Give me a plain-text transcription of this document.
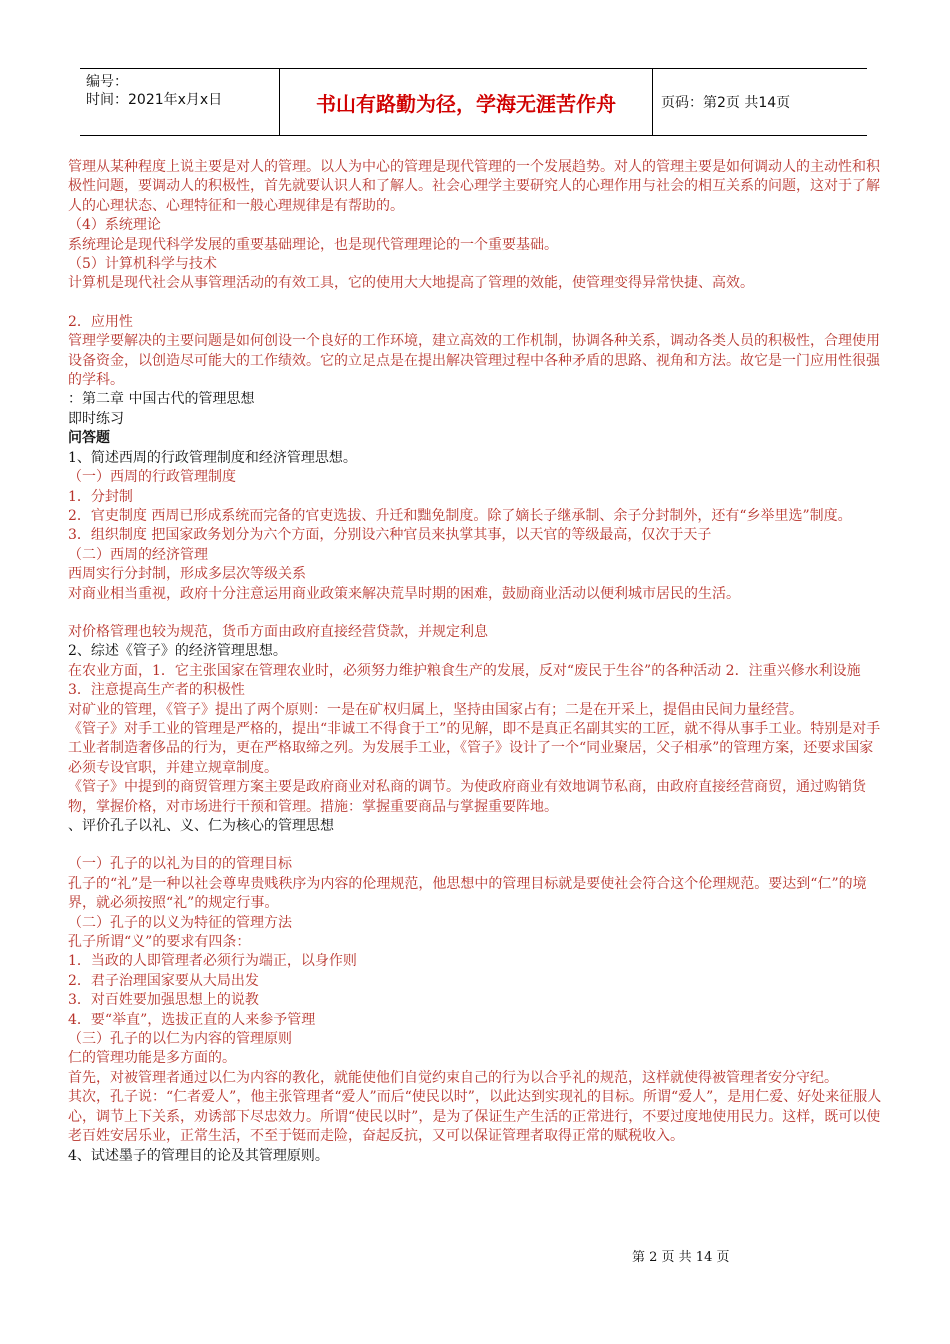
编号：
时间：2021年x月x日	书山有路勤为径，学海无涯苦作舟	页码：第2页 共14页

管理从某种程度上说主要是对人的管理。以人为中心的管理是现代管理的一个发展趋势。对人的管理主要是如何调动人的主动性和积极性问题，要调动人的积极性，首先就要认识人和了解人。社会心理学主要研究人的心理作用与社会的相互关系的问题，这对于了解人的心理状态、心理特征和一般心理规律是有帮助的。

（4）系统理论

系统理论是现代科学发展的重要基础理论，也是现代管理理论的一个重要基础。

（5）计算机科学与技术

计算机是现代社会从事管理活动的有效工具，它的使用大大地提高了管理的效能，使管理变得异常快捷、高效。

2．应用性

管理学要解决的主要问题是如何创设一个良好的工作环境，建立高效的工作机制，协调各种关系，调动各类人员的积极性，合理使用设备资金，以创造尽可能大的工作绩效。它的立足点是在提出解决管理过程中各种矛盾的思路、视角和方法。故它是一门应用性很强的学科。

：第二章 中国古代的管理思想

即时练习

问答题

1、简述西周的行政管理制度和经济管理思想。

（一）西周的行政管理制度

1．分封制

2．官吏制度 西周已形成系统而完备的官吏选拔、升迁和黜免制度。除了嫡长子继承制、余子分封制外，还有“乡举里选”制度。

3．组织制度 把国家政务划分为六个方面，分别设六种官员来执掌其事，以天官的等级最高，仅次于天子

（二）西周的经济管理

西周实行分封制，形成多层次等级关系

对商业相当重视，政府十分注意运用商业政策来解决荒旱时期的困难，鼓励商业活动以便利城市居民的生活。

对价格管理也较为规范，货币方面由政府直接经营贷款，并规定利息

2、综述《管子》的经济管理思想。

在农业方面，1．它主张国家在管理农业时，必须努力维护粮食生产的发展，反对“废民于生谷”的各种活动 2．注重兴修水利设施 3．注意提高生产者的积极性

对矿业的管理，《管子》提出了两个原则：一是在矿权归属上，坚持由国家占有；二是在开采上，提倡由民间力量经营。

《管子》对手工业的管理是严格的，提出“非诚工不得食于工”的见解，即不是真正名副其实的工匠，就不得从事手工业。特别是对手工业者制造奢侈品的行为，更在严格取缔之列。为发展手工业，《管子》设计了一个“同业聚居，父子相承”的管理方案，还要求国家必须专设官职，并建立规章制度。

《管子》中提到的商贸管理方案主要是政府商业对私商的调节。为使政府商业有效地调节私商，由政府直接经营商贸，通过购销货物，掌握价格，对市场进行干预和管理。措施：掌握重要商品与掌握重要阵地。

、评价孔子以礼、义、仁为核心的管理思想

（一）孔子的以礼为目的的管理目标

孔子的“礼”是一种以社会尊卑贵贱秩序为内容的伦理规范，他思想中的管理目标就是要使社会符合这个伦理规范。要达到“仁”的境界，就必须按照“礼”的规定行事。

（二）孔子的以义为特征的管理方法

孔子所谓“义”的要求有四条：

1．当政的人即管理者必须行为端正，以身作则

2．君子治理国家要从大局出发

3．对百姓要加强思想上的说教

4．要“举直”，选拔正直的人来参予管理

（三）孔子的以仁为内容的管理原则

仁的管理功能是多方面的。

首先，对被管理者通过以仁为内容的教化，就能使他们自觉约束自己的行为以合乎礼的规范，这样就使得被管理者安分守纪。

其次，孔子说：“仁者爱人”，他主张管理者“爱人”而后“使民以时”，以此达到实现礼的目标。所谓“爱人”，是用仁爱、好处来征服人心，调节上下关系，劝诱部下尽忠效力。所谓“使民以时”，是为了保证生产生活的正常进行，不要过度地使用民力。这样，既可以使老百姓安居乐业，正常生活，不至于铤而走险，奋起反抗，又可以保证管理者取得正常的赋税收入。

4、试述墨子的管理目的论及其管理原则。

第 2 页 共 14 页
